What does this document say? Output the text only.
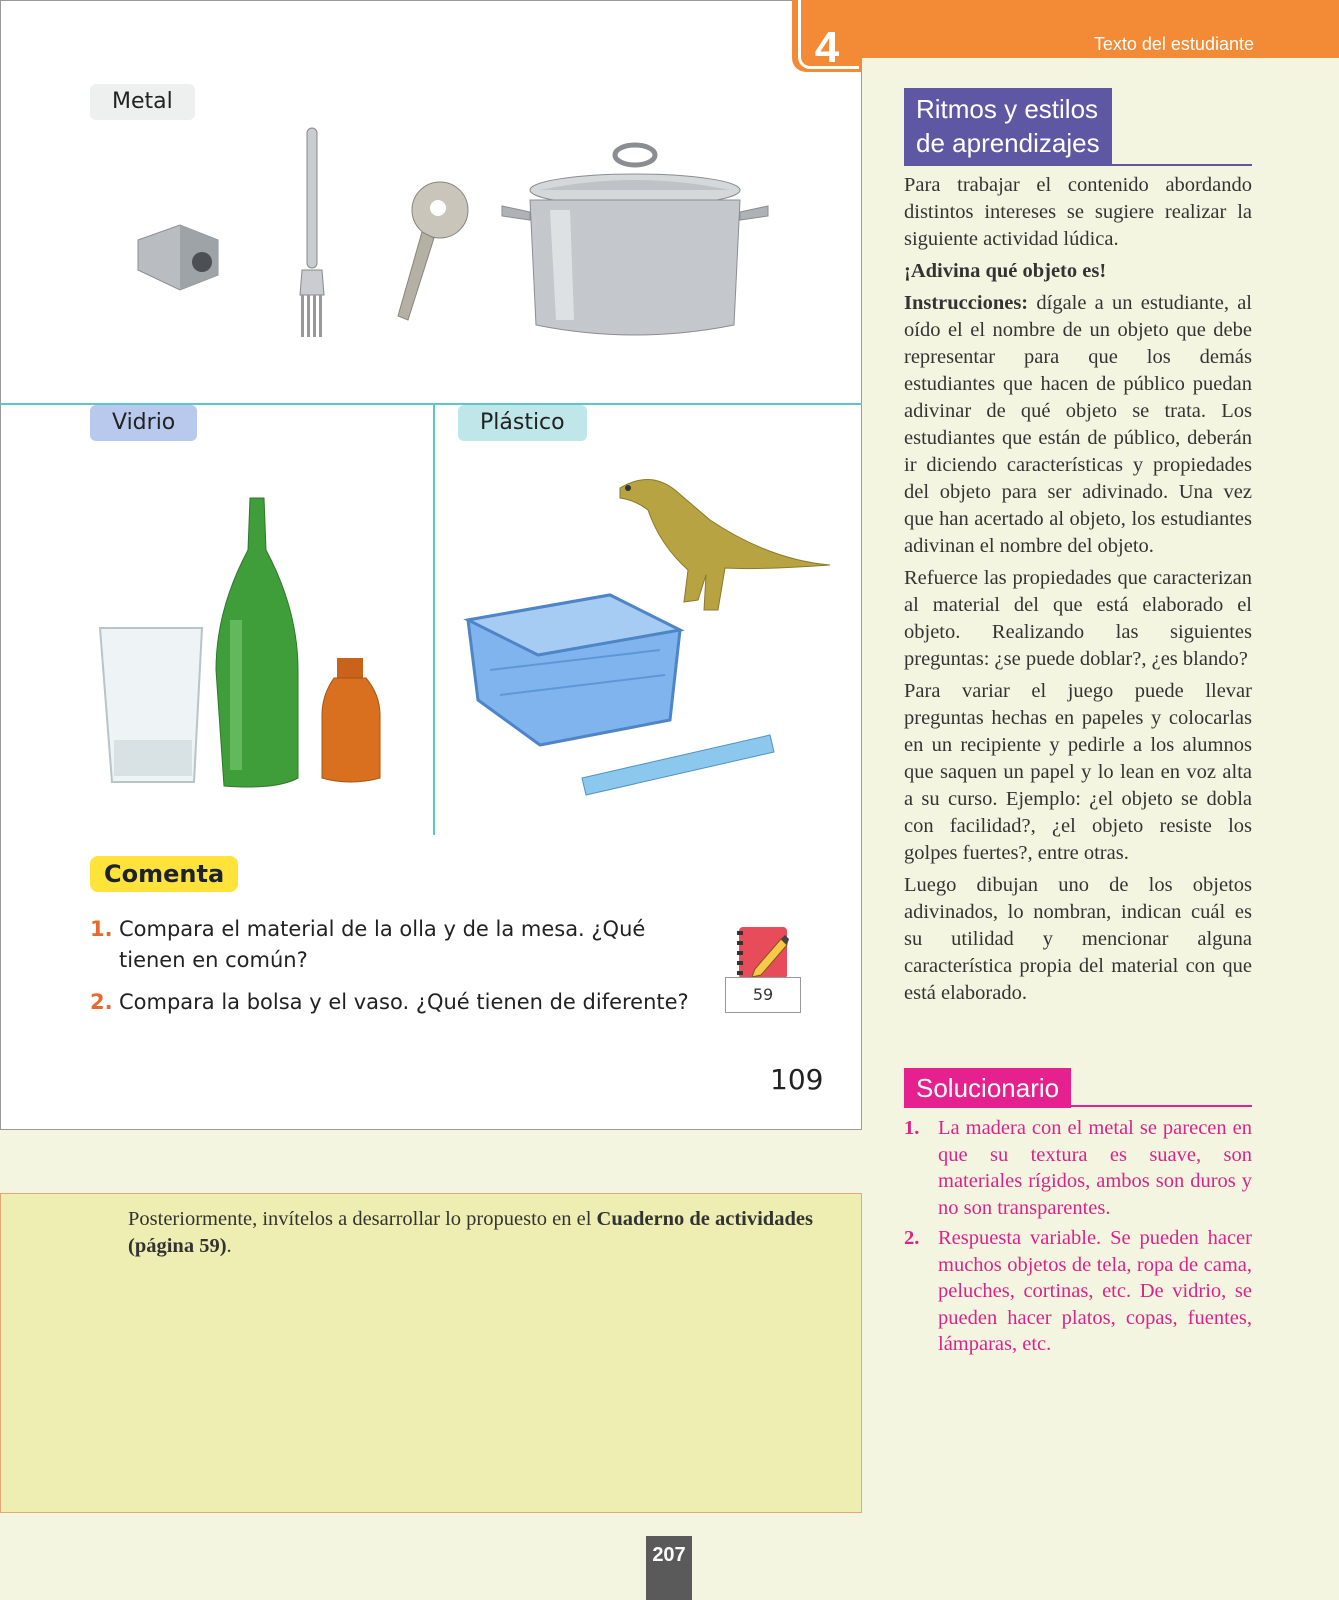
4
Metal
Vidrio	Plástico
Comenta
1. Compara el material de la olla y de la mesa. ¿Qué
tienen en común?
2. Compara la bolsa y el vaso. ¿Qué tienen de diferente?	59
109
Texto del estudiante
Ritmos y estilos
de aprendizajes

Para trabajar el contenido abordando distintos intereses se sugiere realizar la siguiente actividad lúdica.

¡Adivina qué objeto es!

Instrucciones: dígale a un estudiante, al oído el el nombre de un objeto que debe representar para que los demás estudiantes que hacen de público puedan adivinar de qué objeto se trata. Los estudiantes que están de público, deberán ir diciendo características y propiedades del objeto para ser adivinado. Una vez que han acertado al objeto, los estudiantes adivinan el nombre del objeto.

Refuerce las propiedades que caracterizan al material del que está elaborado el objeto. Realizando las siguientes preguntas: ¿se puede doblar?, ¿es blando?

Para variar el juego puede llevar preguntas hechas en papeles y colocarlas en un recipiente y pedirle a los alumnos que saquen un papel y lo lean en voz alta a su curso. Ejemplo: ¿el objeto se dobla con facilidad?, ¿el objeto resiste los golpes fuertes?, entre otras.

Luego dibujan uno de los objetos adivinados, lo nombran, indican cuál es su utilidad y mencionar alguna característica propia del material con que está elaborado.

Solucionario
1. La madera con el metal se parecen en que su textura es suave, son materiales rígidos, ambos son duros y no son transparentes.
2. Respuesta variable. Se pueden hacer muchos objetos de tela, ropa de cama, peluches, cortinas, etc. De vidrio, se pueden hacer platos, copas, fuentes, lámparas, etc.
Posteriormente, invítelos a desarrollar lo propuesto en el Cuaderno de actividades (página 59).
207
